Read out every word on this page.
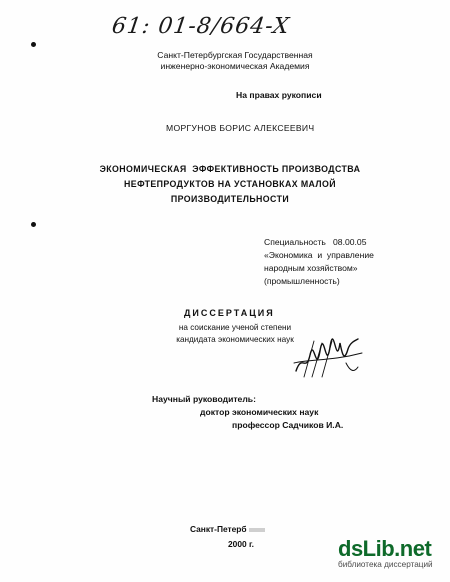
61: 01-8/664-X
Санкт-Петербургская Государственная
инженерно-экономическая Академия
На правах рукописи
МОРГУНОВ БОРИС АЛЕКСЕЕВИЧ
ЭКОНОМИЧЕСКАЯ  ЭФФЕКТИВНОСТЬ ПРОИЗВОДСТВА
НЕФТЕПРОДУКТОВ НА УСТАНОВКАХ МАЛОЙ
ПРОИЗВОДИТЕЛЬНОСТИ
Специальность   08.00.05
«Экономика  и  управление
народным хозяйством»
(промышленность)
ДИССЕРТАЦИЯ
на соискание ученой степени
кандидата экономических наук
Научный руководитель:
доктор экономических наук
профессор Садчиков И.А.
Санкт-Петерб
2000 г.	dsLib.net
библиотека диссертаций
